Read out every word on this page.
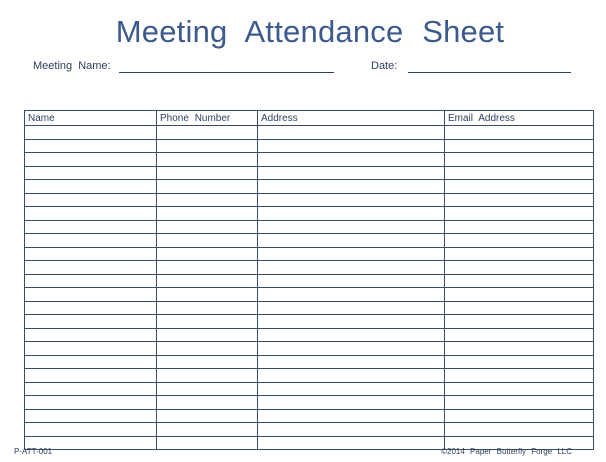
Meeting Attendance Sheet
Meeting Name:	Date:
Name	Phone Number	Address	Email Address

P-ATT-001	©2014 Paper Butterfly Forge LLC
